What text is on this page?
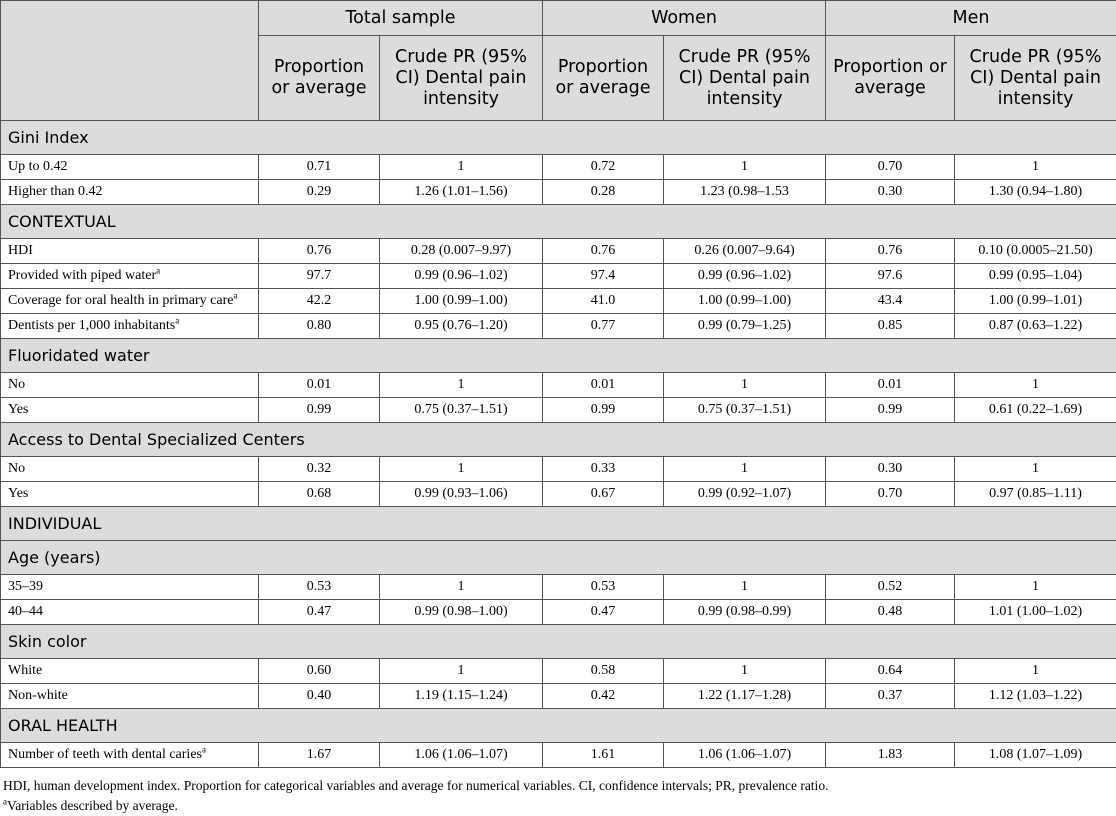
	Total sample		Women		Men	
	Proportion or average	Crude PR (95% CI) Dental pain intensity	Proportion or average	Crude PR (95% CI) Dental pain intensity	Proportion or average	Crude PR (95% CI) Dental pain intensity
Gini Index						
Up to 0.42	0.71	1	0.72	1	0.70	1
Higher than 0.42	0.29	1.26 (1.01–1.56)	0.28	1.23 (0.98–1.53	0.30	1.30 (0.94–1.80)
CONTEXTUAL						
HDI	0.76	0.28 (0.007–9.97)	0.76	0.26 (0.007–9.64)	0.76	0.10 (0.0005–21.50)
Provided with piped water$^a$	97.7	0.99 (0.96–1.02)	97.4	0.99 (0.96–1.02)	97.6	0.99 (0.95–1.04)
Coverage for oral health in primary care$^a$	42.2	1.00 (0.99–1.00)	41.0	1.00 (0.99–1.00)	43.4	1.00 (0.99–1.01)
Dentists per 1,000 inhabitants$^a$	0.80	0.95 (0.76–1.20)	0.77	0.99 (0.79–1.25)	0.85	0.87 (0.63–1.22)
Fluoridated water						
No	0.01	1	0.01	1	0.01	1
Yes	0.99	0.75 (0.37–1.51)	0.99	0.75 (0.37–1.51)	0.99	0.61 (0.22–1.69)
Access to Dental Specialized Centers						
No	0.32	1	0.33	1	0.30	1
Yes	0.68	0.99 (0.93–1.06)	0.67	0.99 (0.92–1.07)	0.70	0.97 (0.85–1.11)
INDIVIDUAL						
Age (years)						
35–39	0.53	1	0.53	1	0.52	1
40–44	0.47	0.99 (0.98–1.00)	0.47	0.99 (0.98–0.99)	0.48	1.01 (1.00–1.02)
Skin color						
White	0.60	1	0.58	1	0.64	1
Non-white	0.40	1.19 (1.15–1.24)	0.42	1.22 (1.17–1.28)	0.37	1.12 (1.03–1.22)
ORAL HEALTH						
Number of teeth with dental caries$^a$	1.67	1.06 (1.06–1.07)	1.61	1.06 (1.06–1.07)	1.83	1.08 (1.07–1.09)

HDI, human development index. Proportion for categorical variables and average for numerical variables. CI, confidence intervals; PR, prevalence ratio.

$^a$Variables described by average.
